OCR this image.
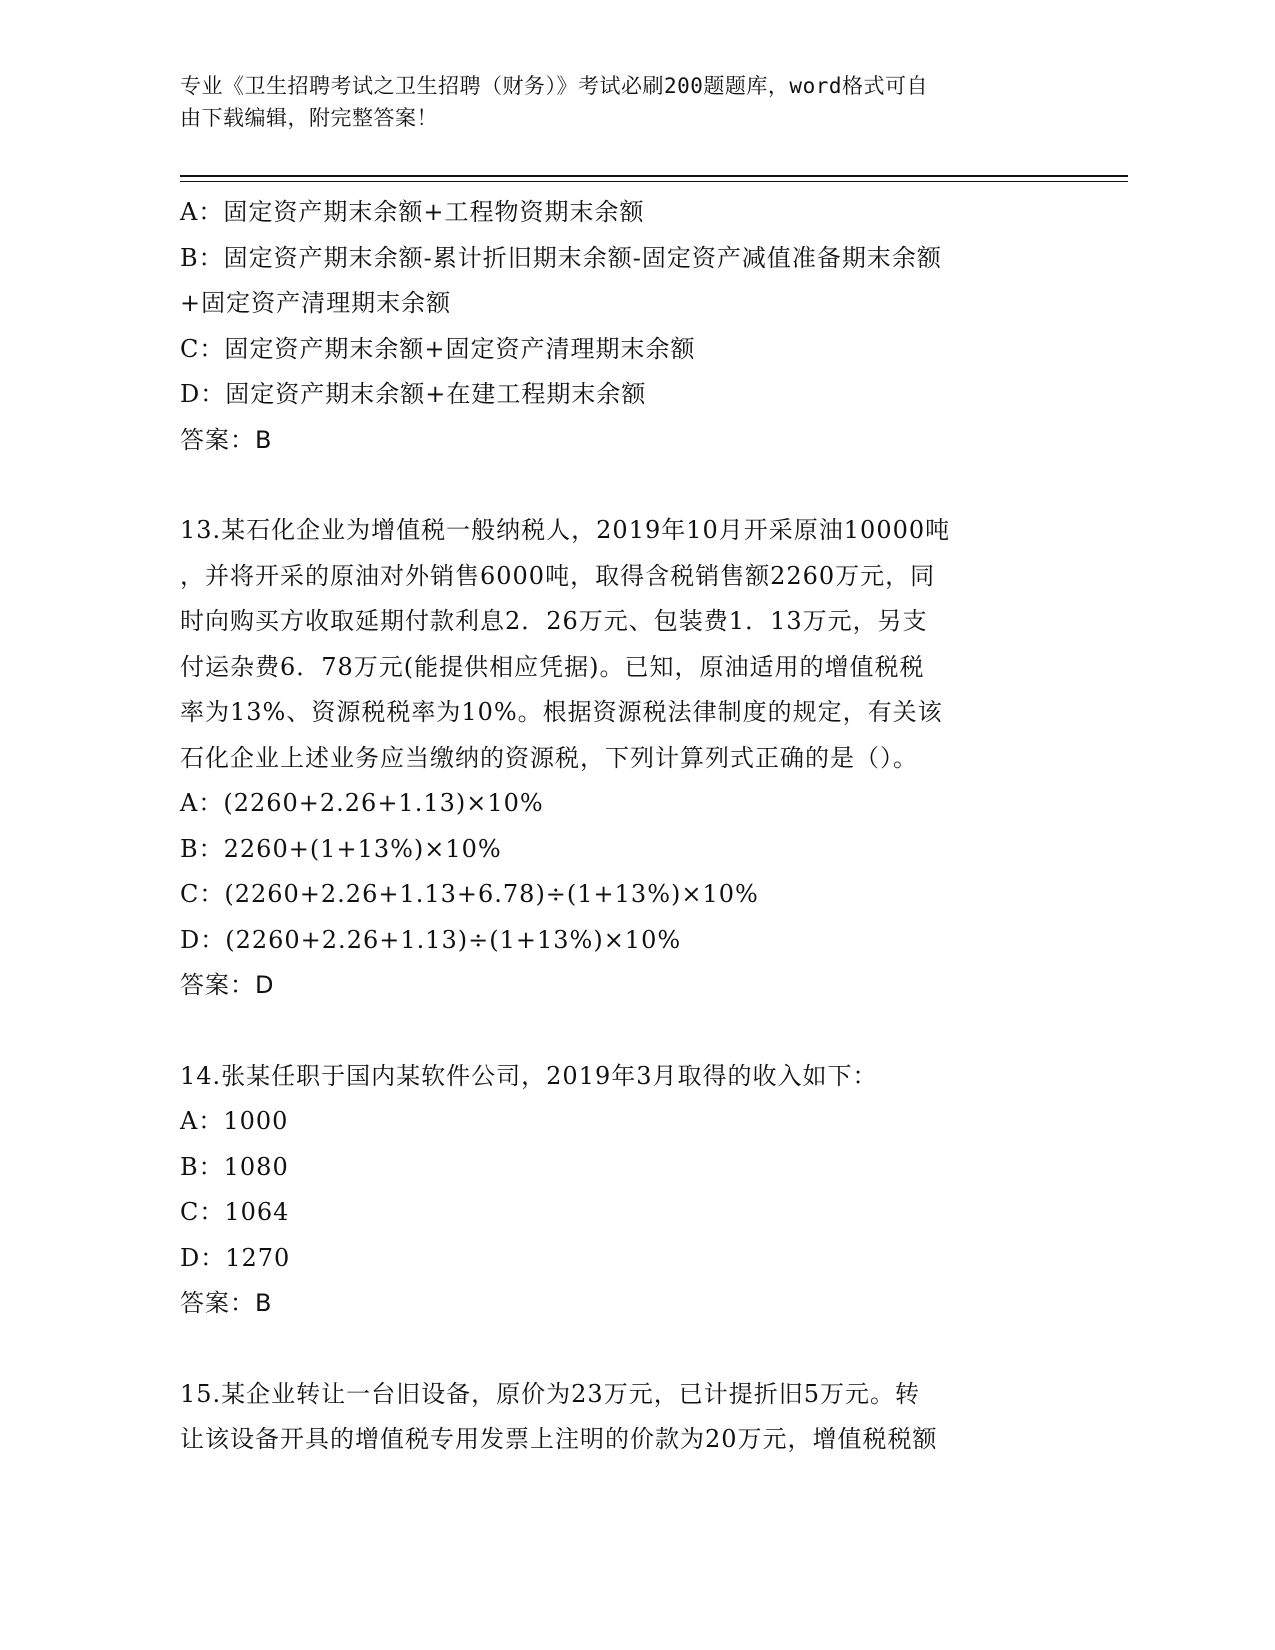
专业《卫生招聘考试之卫生招聘（财务）》考试必刷200题题库，word格式可自
由下载编辑，附完整答案！
A：固定资产期末余额+工程物资期末余额
B：固定资产期末余额-累计折旧期末余额-固定资产减值准备期末余额
+固定资产清理期末余额
C：固定资产期末余额+固定资产清理期末余额
D：固定资产期末余额+在建工程期末余额
答案：B
13.某石化企业为增值税一般纳税人，2019年10月开采原油10000吨
，并将开采的原油对外销售6000吨，取得含税销售额2260万元，同
时向购买方收取延期付款利息2．26万元、包装费1．13万元，另支
付运杂费6．78万元(能提供相应凭据)。已知，原油适用的增值税税
率为13%、资源税税率为10%。根据资源税法律制度的规定，有关该
石化企业上述业务应当缴纳的资源税，下列计算列式正确的是（）。
A：(2260+2.26+1.13)×10%
B：2260+(1+13%)×10%
C：(2260+2.26+1.13+6.78)÷(1+13%)×10%
D：(2260+2.26+1.13)÷(1+13%)×10%
答案：D
14.张某任职于国内某软件公司，2019年3月取得的收入如下：
A：1000
B：1080
C：1064
D：1270
答案：B
15.某企业转让一台旧设备，原价为23万元，已计提折旧5万元。转
让该设备开具的增值税专用发票上注明的价款为20万元，增值税税额
